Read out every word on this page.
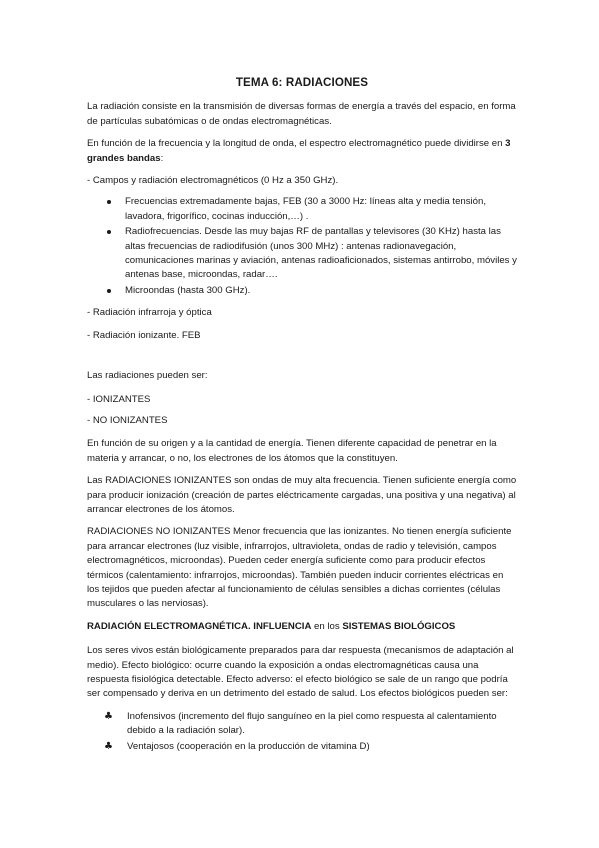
TEMA 6: RADIACIONES

La radiación consiste en la transmisión de diversas formas de energía a través del espacio, en forma de partículas subatómicas o de ondas electromagnéticas.

En función de la frecuencia y la longitud de onda, el espectro electromagnético puede dividirse en 3 grandes bandas:

- Campos y radiación electromagnéticos (0 Hz a 350 GHz).

Frecuencias extremadamente bajas, FEB (30 a 3000 Hz: líneas alta y media tensión, lavadora, frigorífico, cocinas inducción,…) .
Radiofrecuencias. Desde las muy bajas RF de pantallas y televisores (30 KHz) hasta las altas frecuencias de radiodifusión (unos 300 MHz) : antenas radionavegación, comunicaciones marinas y aviación, antenas radioaficionados, sistemas antirrobo, móviles y antenas base, microondas, radar….
Microondas (hasta 300 GHz).

- Radiación infrarroja y óptica

- Radiación ionizante. FEB

Las radiaciones pueden ser:

- IONIZANTES

- NO IONIZANTES

En función de su origen y a la cantidad de energía. Tienen diferente capacidad de penetrar en la materia y arrancar, o no, los electrones de los átomos que la constituyen.

Las RADIACIONES IONIZANTES son ondas de muy alta frecuencia. Tienen suficiente energía como para producir ionización (creación de partes eléctricamente cargadas, una positiva y una negativa) al arrancar electrones de los átomos.

RADIACIONES NO IONIZANTES Menor frecuencia que las ionizantes. No tienen energía suficiente para arrancar electrones (luz visible, infrarrojos, ultravioleta, ondas de radio y televisión, campos electromagnéticos, microondas). Pueden ceder energía suficiente como para producir efectos térmicos (calentamiento: infrarrojos, microondas). También pueden inducir corrientes eléctricas en los tejidos que pueden afectar al funcionamiento de células sensibles a dichas corrientes (células musculares o las nerviosas).

RADIACIÓN ELECTROMAGNÉTICA. INFLUENCIA en los SISTEMAS BIOLÓGICOS

Los seres vivos están biológicamente preparados para dar respuesta (mecanismos de adaptación al medio). Efecto biológico: ocurre cuando la exposición a ondas electromagnéticas causa una respuesta fisiológica detectable. Efecto adverso: el efecto biológico se sale de un rango que podría ser compensado y deriva en un detrimento del estado de salud. Los efectos biológicos pueden ser:

♣ Inofensivos (incremento del flujo sanguíneo en la piel como respuesta al calentamiento debido a la radiación solar).
♣ Ventajosos (cooperación en la producción de vitamina D)
